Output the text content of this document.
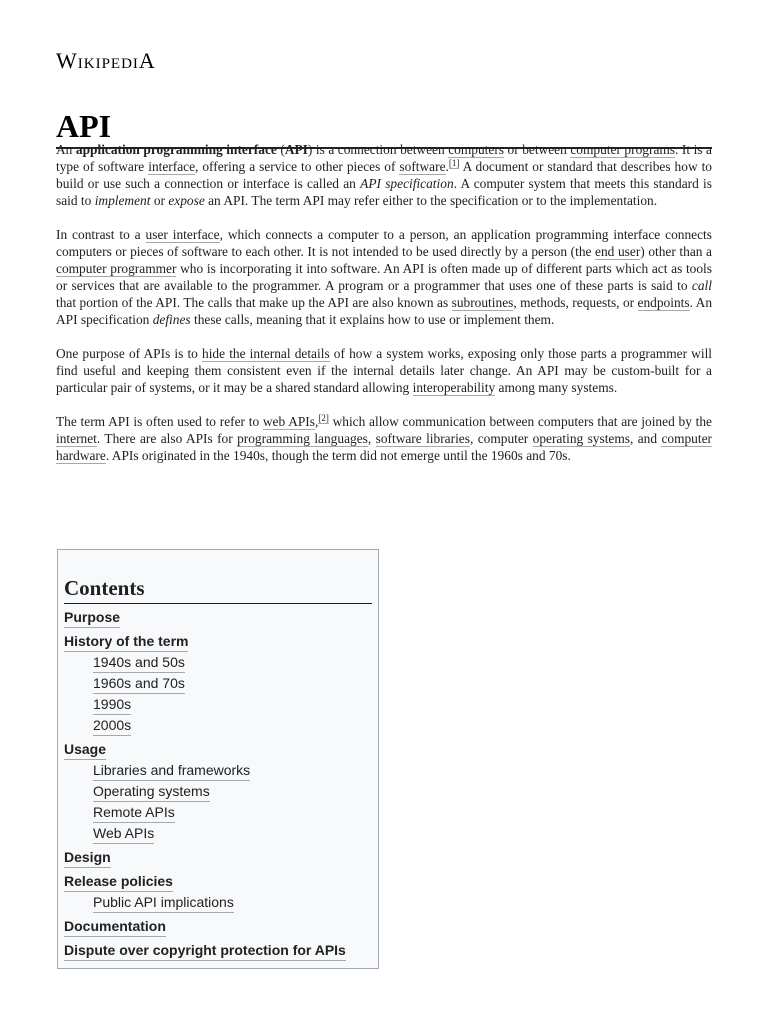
WikipediA
API

An application programming interface (API) is a connection between computers or between computer programs. It is a type of software interface, offering a service to other pieces of software.[1] A document or standard that describes how to build or use such a connection or interface is called an API specification. A computer system that meets this standard is said to implement or expose an API. The term API may refer either to the specification or to the implementation.

In contrast to a user interface, which connects a computer to a person, an application programming interface connects computers or pieces of software to each other. It is not intended to be used directly by a person (the end user) other than a computer programmer who is incorporating it into software. An API is often made up of different parts which act as tools or services that are available to the programmer. A program or a programmer that uses one of these parts is said to call that portion of the API. The calls that make up the API are also known as subroutines, methods, requests, or endpoints. An API specification defines these calls, meaning that it explains how to use or implement them.

One purpose of APIs is to hide the internal details of how a system works, exposing only those parts a programmer will find useful and keeping them consistent even if the internal details later change. An API may be custom-built for a particular pair of systems, or it may be a shared standard allowing interoperability among many systems.

The term API is often used to refer to web APIs,[2] which allow communication between computers that are joined by the internet. There are also APIs for programming languages, software libraries, computer operating systems, and computer hardware. APIs originated in the 1940s, though the term did not emerge until the 1960s and 70s.

Contents
Purpose
History of the term
1940s and 50s
1960s and 70s
1990s
2000s
Usage
Libraries and frameworks
Operating systems
Remote APIs
Web APIs
Design
Release policies
Public API implications
Documentation
Dispute over copyright protection for APIs
